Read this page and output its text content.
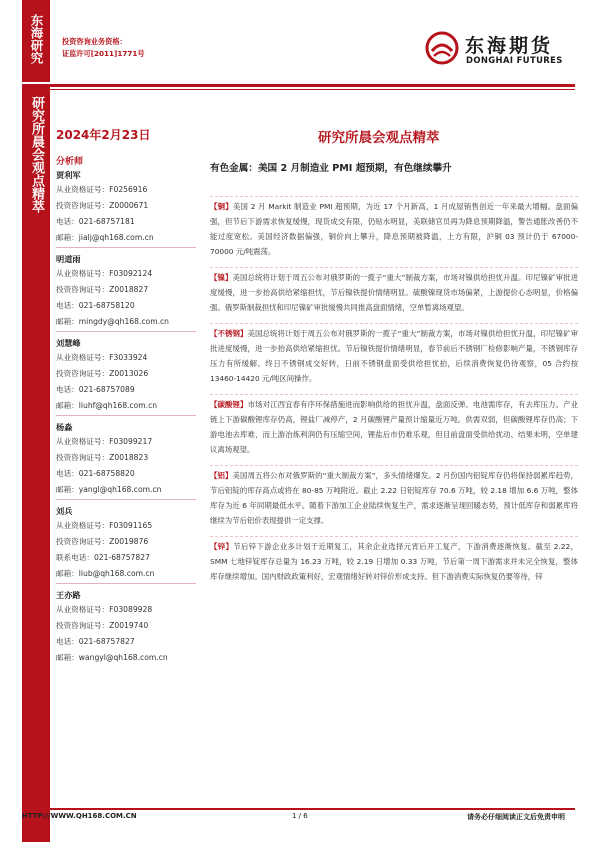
东海研究
研究所晨会观点精萃
投资咨询业务资格：
证监许可[2011]1771号	东海期货
DONGHAI FUTURES
2024年2月23日	研究所晨会观点精萃
分析师
贾利军
从业资格证号：F0256916
投资咨询证号：Z0000671
电话：021-68757181
邮箱：jialj@qh168.com.cn
明道雨
从业资格证号：F03092124
投资咨询证号：Z0018827
电话：021-68758120
邮箱：mingdy@qh168.com.cn
刘慧峰
从业资格证号：F3033924
投资咨询证号：Z0013026
电话：021-68757089
邮箱：liuhf@qh168.com.cn
杨淼
从业资格证号：F03099217
投资咨询证号：Z0018823
电话：021-68758820
邮箱：yangl@qh168.com.cn
刘兵
从业资格证号：F03091165
投资咨询证号：Z0019876
联系电话：021-68757827
邮箱：liub@qh168.com.cn
王亦路
从业资格证号：F03089928
投资咨询证号：Z0019740
电话：021-68757827
邮箱：wangyl@qh168.com.cn
有色金属：美国 2 月制造业 PMI 超预期，有色继续攀升

【铜】美国 2 月 Markit 制造业 PMI 超预期，为近 17 个月新高，1 月成屋销售创近一年来最大增幅。盘面偏强，但节后下游需求恢复缓慢，现货成交有限，仍贴水明显，美联储官员再为降息预期降温，警告通胀改善仍不能过度宽松。美国经济数据偏强，铜价向上攀升，降息预期被降温，上方有限，沪铜 03 预计仍于 67000-70000 元/吨震荡。

【镍】美国总统将计划于周五公布对俄罗斯的一揽子“重大”制裁方案，市场对镍供给担忧升温。印尼镍矿审批进度缓慢，进一步抬高供给紧缩担忧，节后镍铁提价情绪明显。硫酸镍现货市场偏紧，上游提价心态明显，价格偏强。俄罗斯制裁担忧和印尼镍矿审批缓慢共同推高盘面情绪，空单暂离场观望。

【不锈钢】美国总统将计划于周五公布对俄罗斯的一揽子“重大”制裁方案，市场对镍供给担忧升温，印尼镍矿审批进度缓慢，进一步抬高供给紧缩担忧。节后镍铁提价情绪明显，春节前后不锈钢厂检修影响产量，不锈钢库存压力有所缓解。终日不锈钢成交好转，日前不锈钢盘面受供给担忧拍，后续消费恢复仍待观察，05 合约按 13460-14420 元/吨区间操作。

【碳酸锂】市场对江西宜春有序环保措施进而影响供给的担忧升温，盘面反弹。电池需库存，有去库压力。产业链上下游碳酸锂库存仍高，锂盐厂减停产，2 月碳酸锂产量预计缩量近万吨。供需双弱，但碳酸锂库存仍高；下游电池去库难，而上游冶炼利润仍有压缩空间，锂盐后市仍难乐观，但目前盘面受供给扰动、结果未明，空单建议离场观望。

【铝】美国周五将公布对俄罗斯的“重大制裁方案”，多头情绪爆发。2 月份国内铝锭库存仍将保持弱累库趋势，节后铝锭的库存高点或将在 80-85 万吨附近。截止 2.22 日铝锭库存 70.6 万吨，较 2.18 增加 6.6 万吨，整体库存为近 6 年同期最低水平。随着下游加工企业陆续恢复生产，需求逐渐呈现回暖态势，预计低库存和弱累库将继续为节后铝价表现提供一定支撑。

【锌】节后锌下游企业多计划于近期复工，其余企业选择元宵后开工复产，下游消费逐渐恢复。截至 2.22，SMM 七地锌锭库存总量为 16.23 万吨，较 2.19 日增加 0.33 万吨，节后第一周下游需求并未完全恢复，整体库存继续增加。国内财政政策利好，宏观情绪好转对锌价形成支持。但下游消费实际恢复仍要等待，锌

HTTP://WWW.QH168.COM.CN	1 / 6	请务必仔细阅读正文后免责申明
